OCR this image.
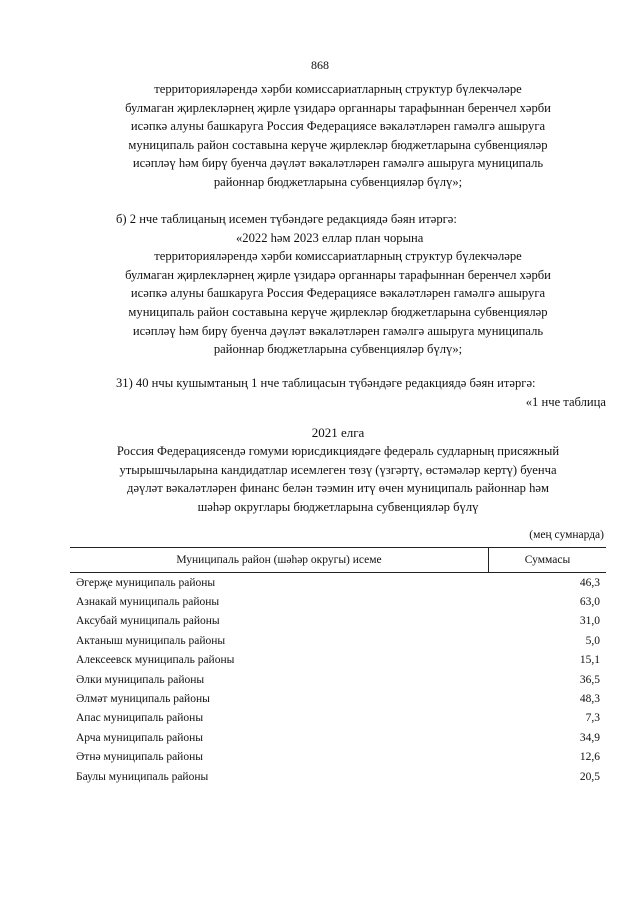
868
территорияләрендә хәрби комиссариатларның структур бүлекчәләре
булмаган җирлекләрнең җирле үзидарә органнары тарафыннан беренчел хәрби
исәпкә алуны башкаруга Россия Федерациясе вәкаләтләрен гамәлгә ашыруга
муниципаль район составына керүче җирлекләр бюджетларына субвенцияләр
исәпләү һәм бирү буенча дәүләт вәкаләтләрен гамәлгә ашыруга муниципаль
районнар бюджетларына субвенцияләр бүлү»;
б) 2 нче таблицаның исемен түбәндәге редакциядә бәян итәргә:
«2022 һәм 2023 еллар план чорына
территорияләрендә хәрби комиссариатларның структур бүлекчәләре
булмаган җирлекләрнең җирле үзидарә органнары тарафыннан беренчел хәрби
исәпкә алуны башкаруга Россия Федерациясе вәкаләтләрен гамәлгә ашыруга
муниципаль район составына керүче җирлекләр бюджетларына субвенцияләр
исәпләү һәм бирү буенча дәүләт вәкаләтләрен гамәлгә ашыруга муниципаль
районнар бюджетларына субвенцияләр бүлү»;
31) 40 нчы кушымтаның 1 нче таблицасын түбәндәге редакциядә бәян итәргә:
«1 нче таблица
2021 елга
Россия Федерациясендә гомуми юрисдикциядәге федераль судларның присяжный
утырышчыларына кандидатлар исемлеген төзү (үзгәртү, өстәмәләр кертү) буенча
дәүләт вәкаләтләрен финанс белән тәэмин итү өчен муниципаль районнар һәм
шәһәр округлары бюджетларына субвенцияләр бүлү
(мең сумнарда)
Муниципаль район (шәһәр округы) исеме	Суммасы
Әгерҗе муниципаль районы	46,3
Азнакай муниципаль районы	63,0
Аксубай муниципаль районы	31,0
Актаныш муниципаль районы	5,0
Алексеевск муниципаль районы	15,1
Әлки муниципаль районы	36,5
Әлмәт муниципаль районы	48,3
Апас муниципаль районы	7,3
Арча муниципаль районы	34,9
Әтнә муниципаль районы	12,6
Баулы муниципаль районы	20,5
